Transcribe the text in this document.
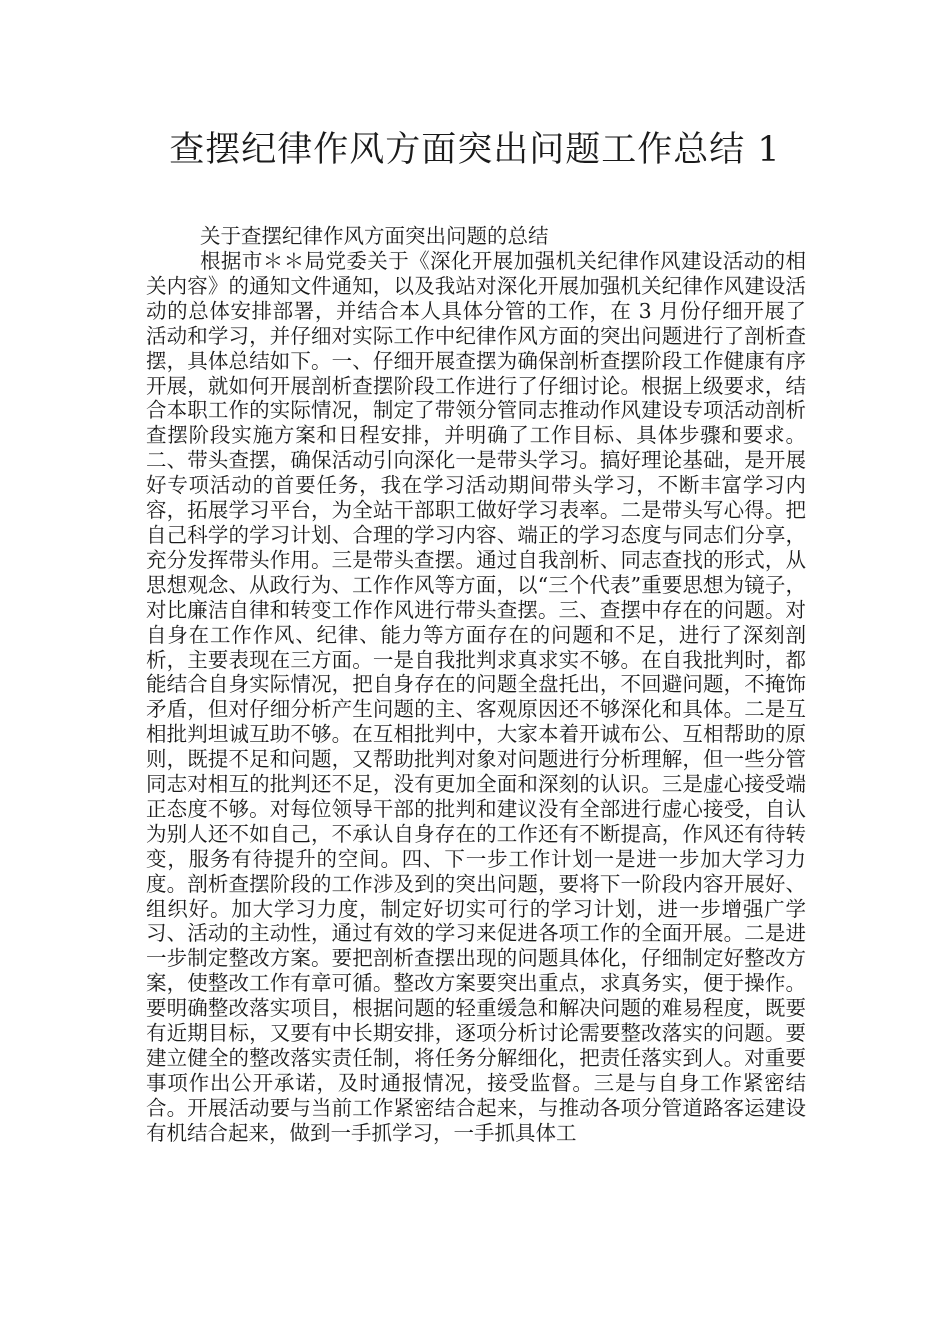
查摆纪律作风方面突出问题工作总结 1

关于查摆纪律作风方面突出问题的总结

根据市＊＊局党委关于《深化开展加强机关纪律作风建设活动的相关内容》的通知文件通知，以及我站对深化开展加强机关纪律作风建设活动的总体安排部署，并结合本人具体分管的工作，在 3 月份仔细开展了活动和学习，并仔细对实际工作中纪律作风方面的突出问题进行了剖析查摆，具体总结如下。一、仔细开展查摆为确保剖析查摆阶段工作健康有序开展，就如何开展剖析查摆阶段工作进行了仔细讨论。根据上级要求，结合本职工作的实际情况，制定了带领分管同志推动作风建设专项活动剖析查摆阶段实施方案和日程安排，并明确了工作目标、具体步骤和要求。二、带头查摆，确保活动引向深化一是带头学习。搞好理论基础，是开展好专项活动的首要任务，我在学习活动期间带头学习，不断丰富学习内容，拓展学习平台，为全站干部职工做好学习表率。二是带头写心得。把自己科学的学习计划、合理的学习内容、端正的学习态度与同志们分享，充分发挥带头作用。三是带头查摆。通过自我剖析、同志查找的形式，从思想观念、从政行为、工作作风等方面，以“三个代表”重要思想为镜子，对比廉洁自律和转变工作作风进行带头查摆。三、查摆中存在的问题。对自身在工作作风、纪律、能力等方面存在的问题和不足，进行了深刻剖析，主要表现在三方面。一是自我批判求真求实不够。在自我批判时，都能结合自身实际情况，把自身存在的问题全盘托出，不回避问题，不掩饰矛盾，但对仔细分析产生问题的主、客观原因还不够深化和具体。二是互相批判坦诚互助不够。在互相批判中，大家本着开诚布公、互相帮助的原则，既提不足和问题，又帮助批判对象对问题进行分析理解，但一些分管同志对相互的批判还不足，没有更加全面和深刻的认识。三是虚心接受端正态度不够。对每位领导干部的批判和建议没有全部进行虚心接受，自认为别人还不如自己，不承认自身存在的工作还有不断提高，作风还有待转变，服务有待提升的空间。四、下一步工作计划一是进一步加大学习力度。剖析查摆阶段的工作涉及到的突出问题，要将下一阶段内容开展好、组织好。加大学习力度，制定好切实可行的学习计划，进一步增强广学习、活动的主动性，通过有效的学习来促进各项工作的全面开展。二是进一步制定整改方案。要把剖析查摆出现的问题具体化，仔细制定好整改方案，使整改工作有章可循。整改方案要突出重点，求真务实，便于操作。要明确整改落实项目，根据问题的轻重缓急和解决问题的难易程度，既要有近期目标，又要有中长期安排，逐项分析讨论需要整改落实的问题。要建立健全的整改落实责任制，将任务分解细化，把责任落实到人。对重要事项作出公开承诺，及时通报情况，接受监督。三是与自身工作紧密结合。开展活动要与当前工作紧密结合起来，与推动各项分管道路客运建设有机结合起来，做到一手抓学习，一手抓具体工
